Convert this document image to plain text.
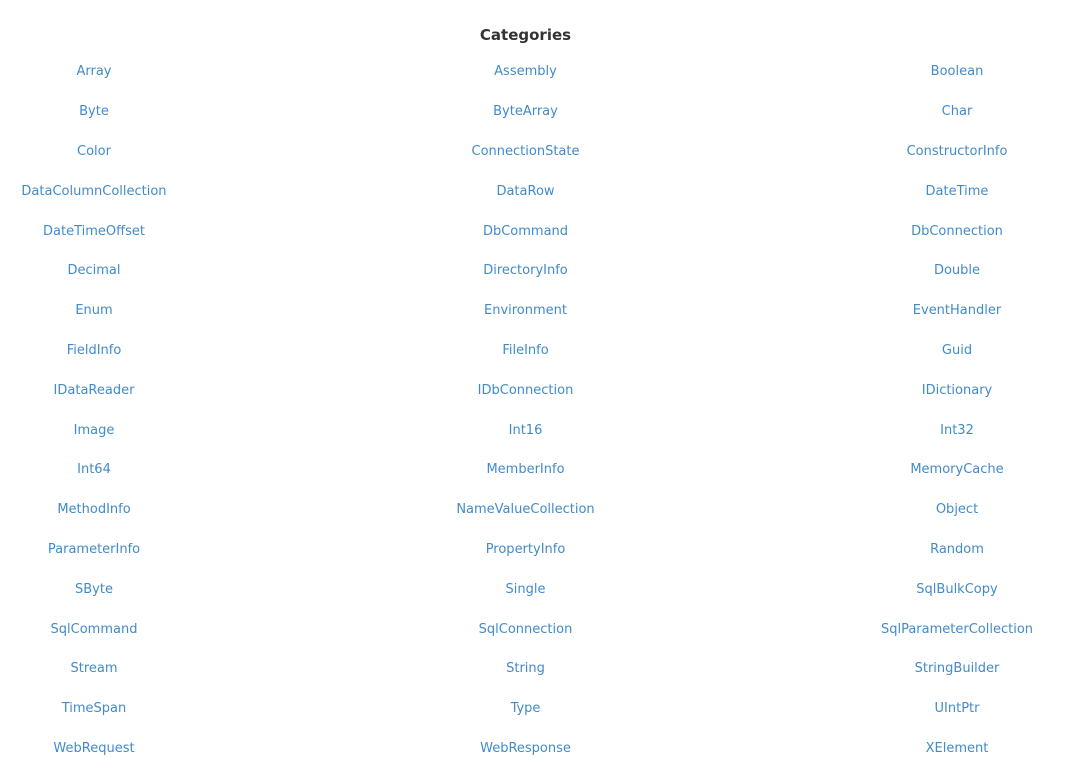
Categories
Array	Assembly	Boolean
Byte	ByteArray	Char
Color	ConnectionState	ConstructorInfo
DataColumnCollection	DataRow	DateTime
DateTimeOffset	DbCommand	DbConnection
Decimal	DirectoryInfo	Double
Enum	Environment	EventHandler
FieldInfo	FileInfo	Guid
IDataReader	IDbConnection	IDictionary
Image	Int16	Int32
Int64	MemberInfo	MemoryCache
MethodInfo	NameValueCollection	Object
ParameterInfo	PropertyInfo	Random
SByte	Single	SqlBulkCopy
SqlCommand	SqlConnection	SqlParameterCollection
Stream	String	StringBuilder
TimeSpan	Type	UIntPtr
WebRequest	WebResponse	XElement
